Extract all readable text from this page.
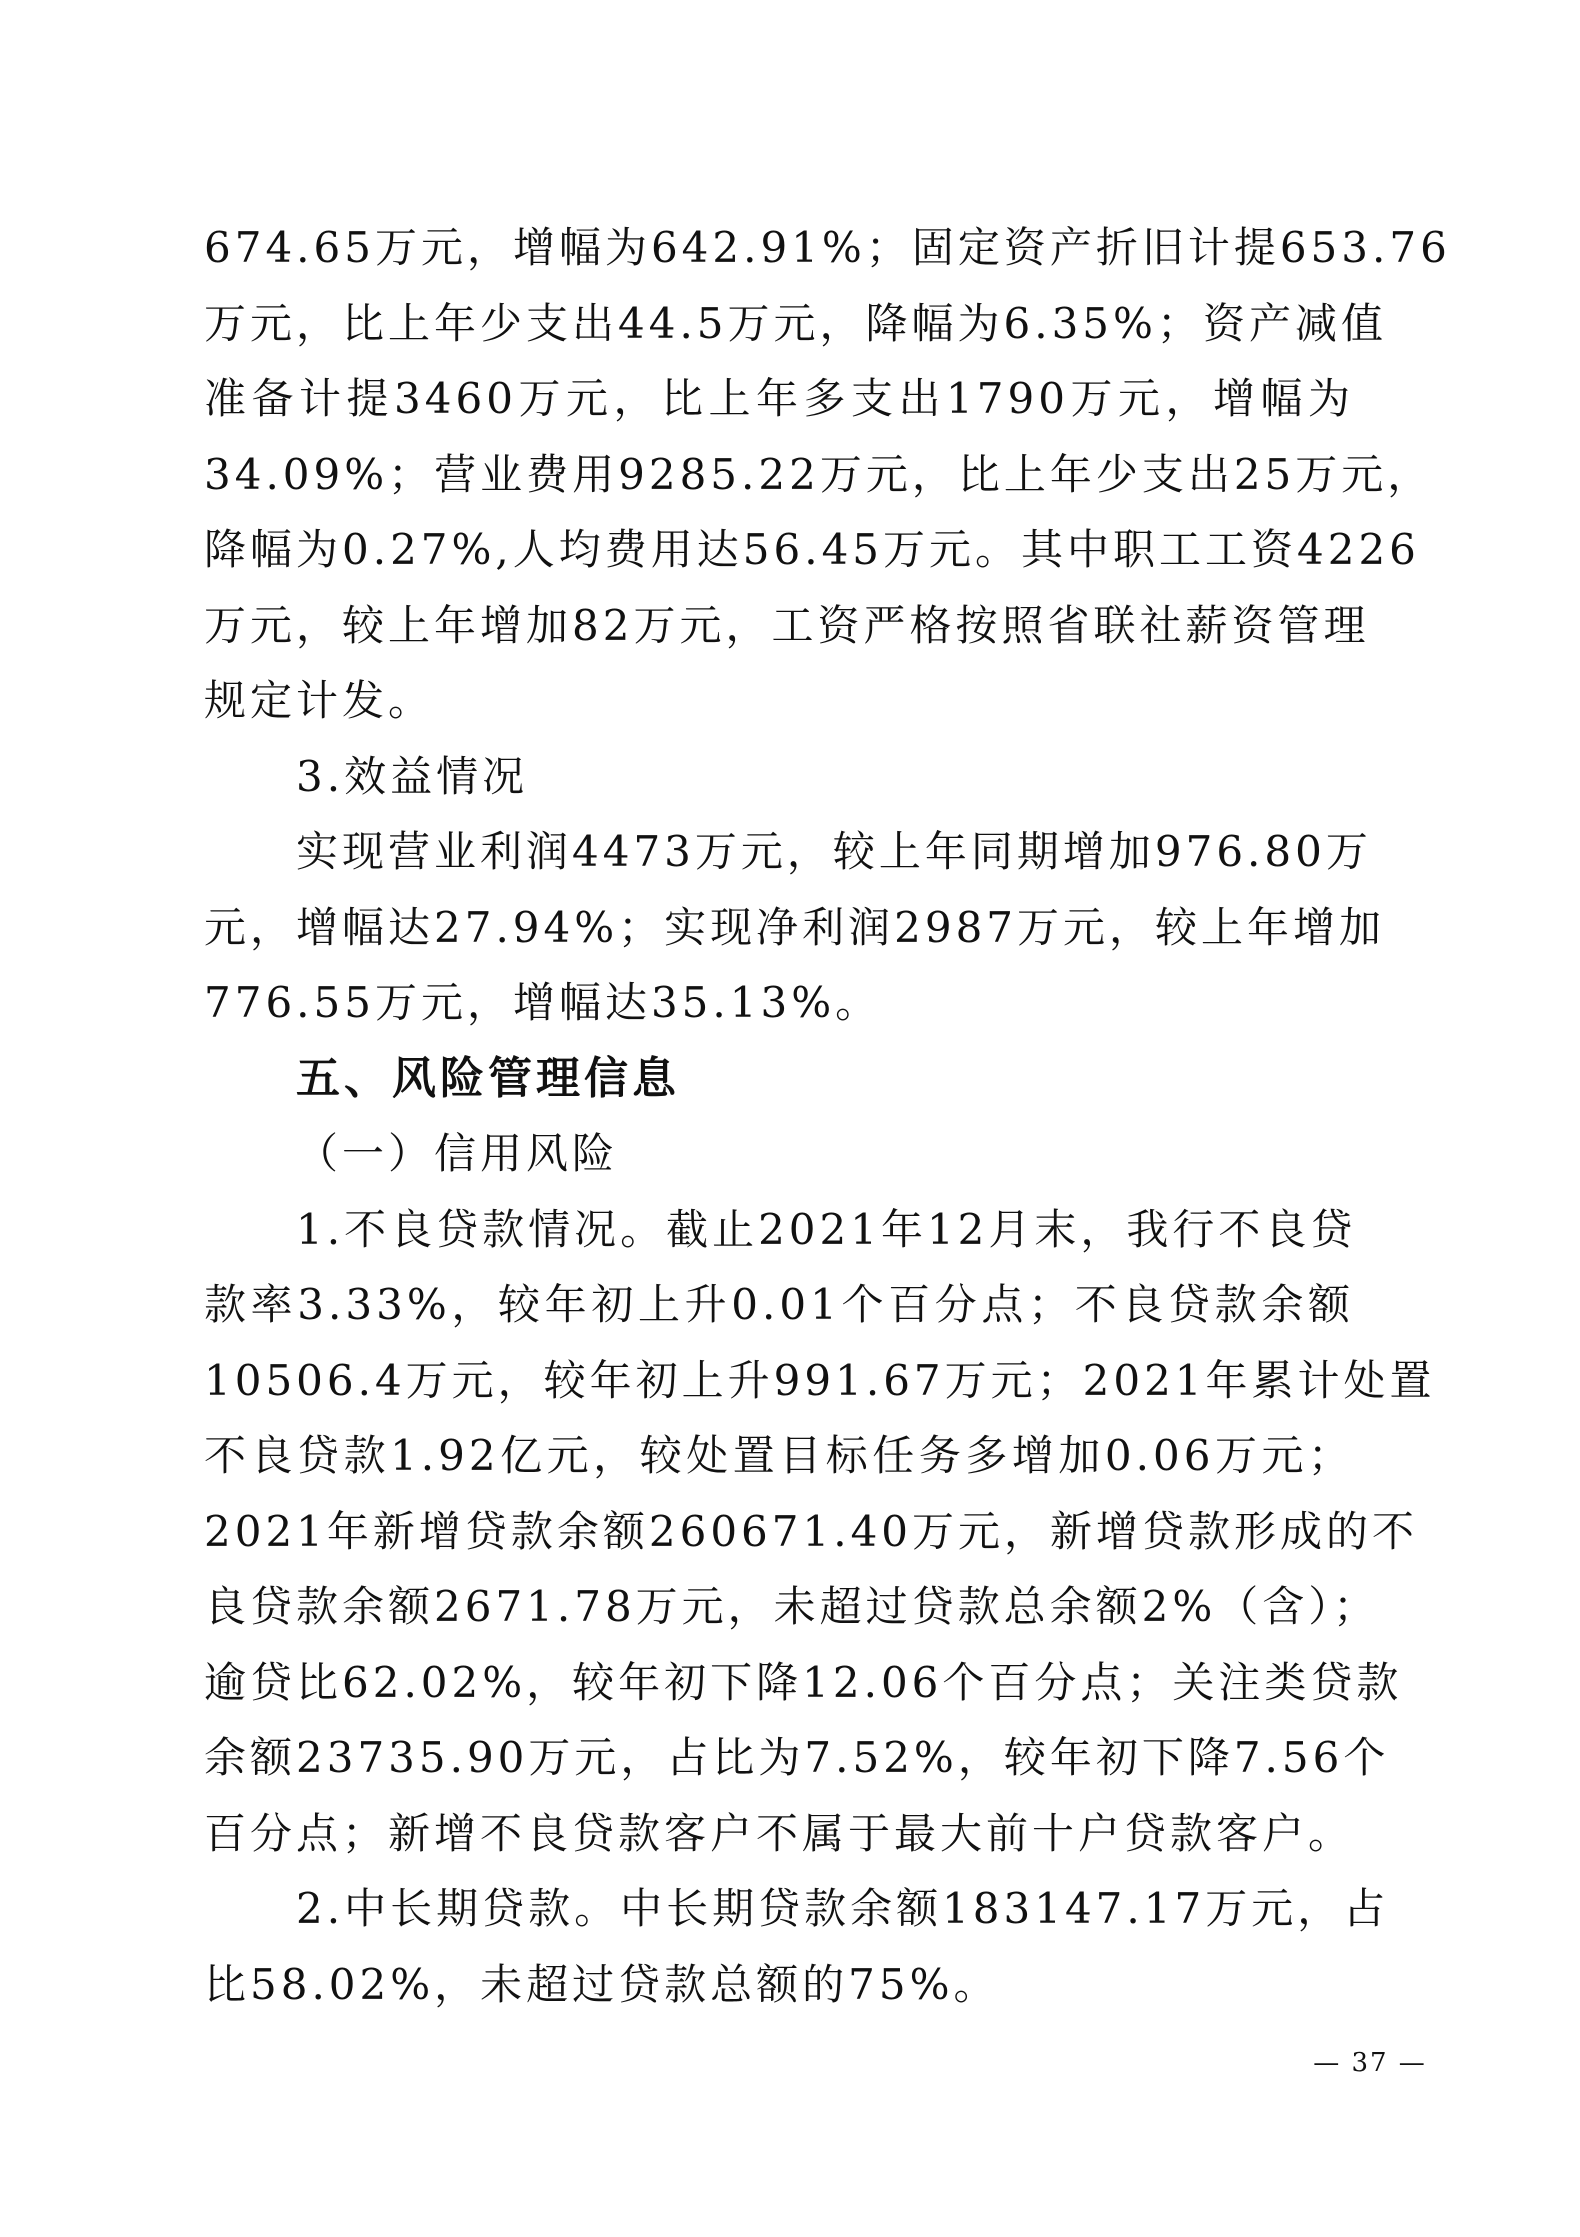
674.65万元，增幅为642.91%；固定资产折旧计提653.76
万元，比上年少支出44.5万元，降幅为6.35%；资产减值
准备计提3460万元，比上年多支出1790万元，增幅为
34.09%；营业费用9285.22万元，比上年少支出25万元，
降幅为0.27%,人均费用达56.45万元。其中职工工资4226
万元，较上年增加82万元，工资严格按照省联社薪资管理
规定计发。

3.效益情况

实现营业利润4473万元，较上年同期增加976.80万
元，增幅达27.94%；实现净利润2987万元，较上年增加
776.55万元，增幅达35.13%。

五、风险管理信息

（一）信用风险

1.不良贷款情况。截止2021年12月末，我行不良贷
款率3.33%，较年初上升0.01个百分点；不良贷款余额
10506.4万元，较年初上升991.67万元；2021年累计处置
不良贷款1.92亿元，较处置目标任务多增加0.06万元；
2021年新增贷款余额260671.40万元，新增贷款形成的不
良贷款余额2671.78万元，未超过贷款总余额2%（含）；
逾贷比62.02%，较年初下降12.06个百分点；关注类贷款
余额23735.90万元，占比为7.52%，较年初下降7.56个
百分点；新增不良贷款客户不属于最大前十户贷款客户。

2.中长期贷款。中长期贷款余额183147.17万元，占
比58.02%，未超过贷款总额的75%。

— 37 —
